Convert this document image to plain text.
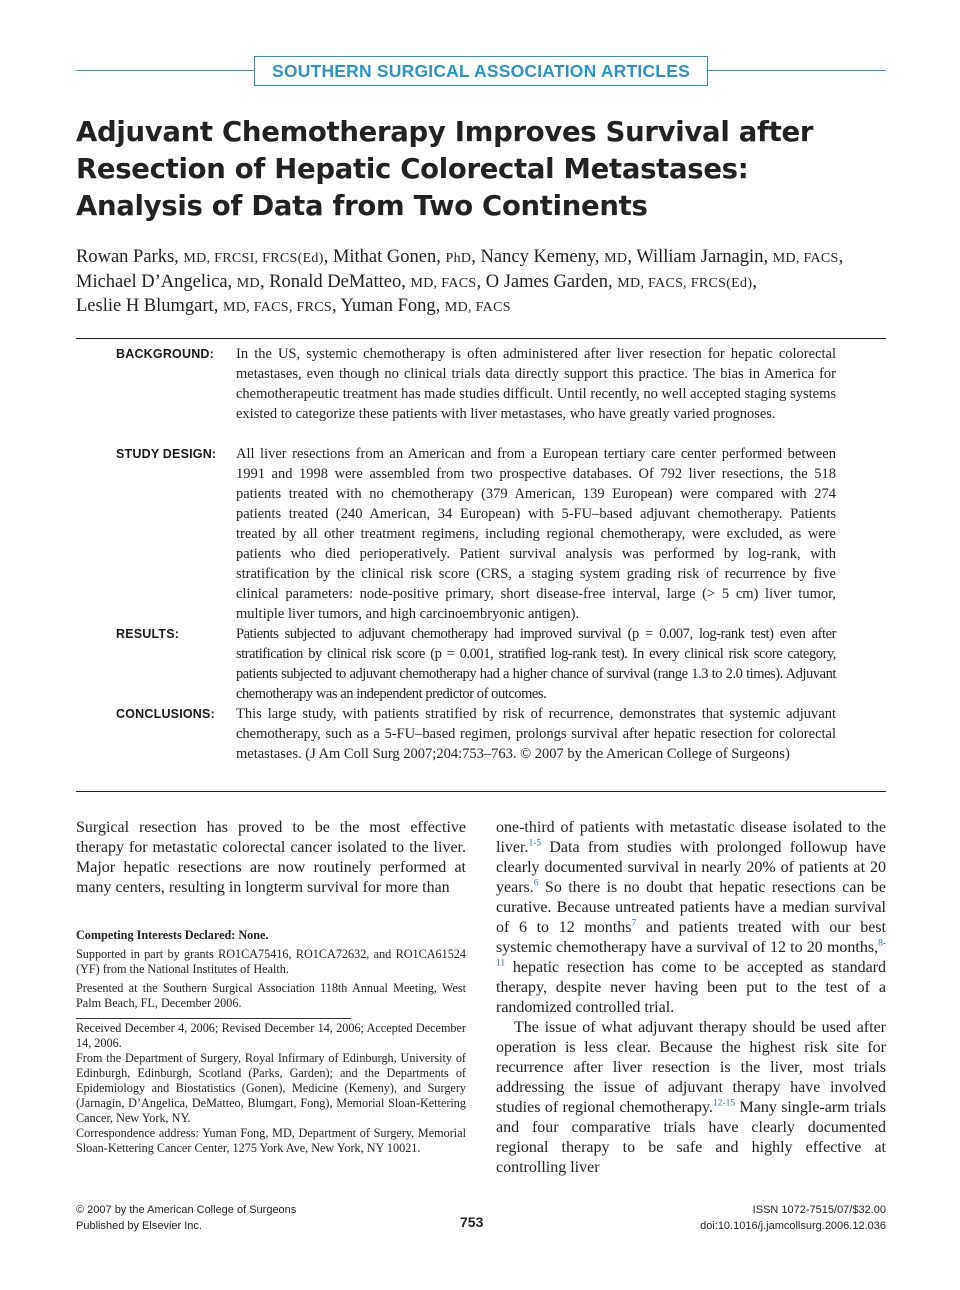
SOUTHERN SURGICAL ASSOCIATION ARTICLES
Adjuvant Chemotherapy Improves Survival after
Resection of Hepatic Colorectal Metastases:
Analysis of Data from Two Continents
Rowan Parks, MD, FRCSI, FRCS(Ed), Mithat Gonen, PhD, Nancy Kemeny, MD, William Jarnagin, MD, FACS,
Michael D’Angelica, MD, Ronald DeMatteo, MD, FACS, O James Garden, MD, FACS, FRCS(Ed),
Leslie H Blumgart, MD, FACS, FRCS, Yuman Fong, MD, FACS
BACKGROUND:	In the US, systemic chemotherapy is often administered after liver resection for hepatic colorectal metastases, even though no clinical trials data directly support this practice. The bias in America for chemotherapeutic treatment has made studies difficult. Until recently, no well accepted staging systems existed to categorize these patients with liver metastases, who have greatly varied prognoses.
STUDY DESIGN:	All liver resections from an American and from a European tertiary care center performed between 1991 and 1998 were assembled from two prospective databases. Of 792 liver resections, the 518 patients treated with no chemotherapy (379 American, 139 European) were compared with 274 patients treated (240 American, 34 European) with 5-FU–based adjuvant chemotherapy. Patients treated by all other treatment regimens, including regional chemotherapy, were excluded, as were patients who died perioperatively. Patient survival analysis was performed by log-rank, with stratification by the clinical risk score (CRS, a staging system grading risk of recurrence by five clinical parameters: node-positive primary, short disease-free interval, large (> 5 cm) liver tumor, multiple liver tumors, and high carcinoembryonic antigen).
RESULTS:	Patients subjected to adjuvant chemotherapy had improved survival (p = 0.007, log-rank test) even after stratification by clinical risk score (p = 0.001, stratified log-rank test). In every clinical risk score category, patients subjected to adjuvant chemotherapy had a higher chance of survival (range 1.3 to 2.0 times). Adjuvant chemotherapy was an independent predictor of outcomes.
CONCLUSIONS:	This large study, with patients stratified by risk of recurrence, demonstrates that systemic adjuvant chemotherapy, such as a 5-FU–based regimen, prolongs survival after hepatic resection for colorectal metastases. (J Am Coll Surg 2007;204:753–763. © 2007 by the American College of Surgeons)
Surgical resection has proved to be the most effective therapy for metastatic colorectal cancer isolated to the liver. Major hepatic resections are now routinely performed at many centers, resulting in longterm survival for more than

Competing Interests Declared: None.

Supported in part by grants RO1CA75416, RO1CA72632, and RO1CA61524 (YF) from the National Institutes of Health.

Presented at the Southern Surgical Association 118th Annual Meeting, West Palm Beach, FL, December 2006.

Received December 4, 2006; Revised December 14, 2006; Accepted December 14, 2006.

From the Department of Surgery, Royal Infirmary of Edinburgh, University of Edinburgh, Edinburgh, Scotland (Parks, Garden); and the Departments of Epidemiology and Biostatistics (Gonen), Medicine (Kemeny), and Surgery (Jarnagin, D’Angelica, DeMatteo, Blumgart, Fong), Memorial Sloan-Kettering Cancer, New York, NY.

Correspondence address: Yuman Fong, MD, Department of Surgery, Memorial Sloan-Kettering Cancer Center, 1275 York Ave, New York, NY 10021.

one-third of patients with metastatic disease isolated to the liver.$^{1-5}$ Data from studies with prolonged followup have clearly documented survival in nearly 20% of patients at 20 years.$^6$ So there is no doubt that hepatic resections can be curative. Because untreated patients have a median survival of 6 to 12 months$^7$ and patients treated with our best systemic chemotherapy have a survival of 12 to 20 months,$^{8-11}$ hepatic resection has come to be accepted as standard therapy, despite never having been put to the test of a randomized controlled trial.

The issue of what adjuvant therapy should be used after operation is less clear. Because the highest risk site for recurrence after liver resection is the liver, most trials addressing the issue of adjuvant therapy have involved studies of regional chemotherapy.$^{12-15}$ Many single-arm trials and four comparative trials have clearly documented regional therapy to be safe and highly effective at controlling liver

© 2007 by the American College of Surgeons
Published by Elsevier Inc.	753
ISSN 1072-7515/07/$32.00
doi:10.1016/j.jamcollsurg.2006.12.036
